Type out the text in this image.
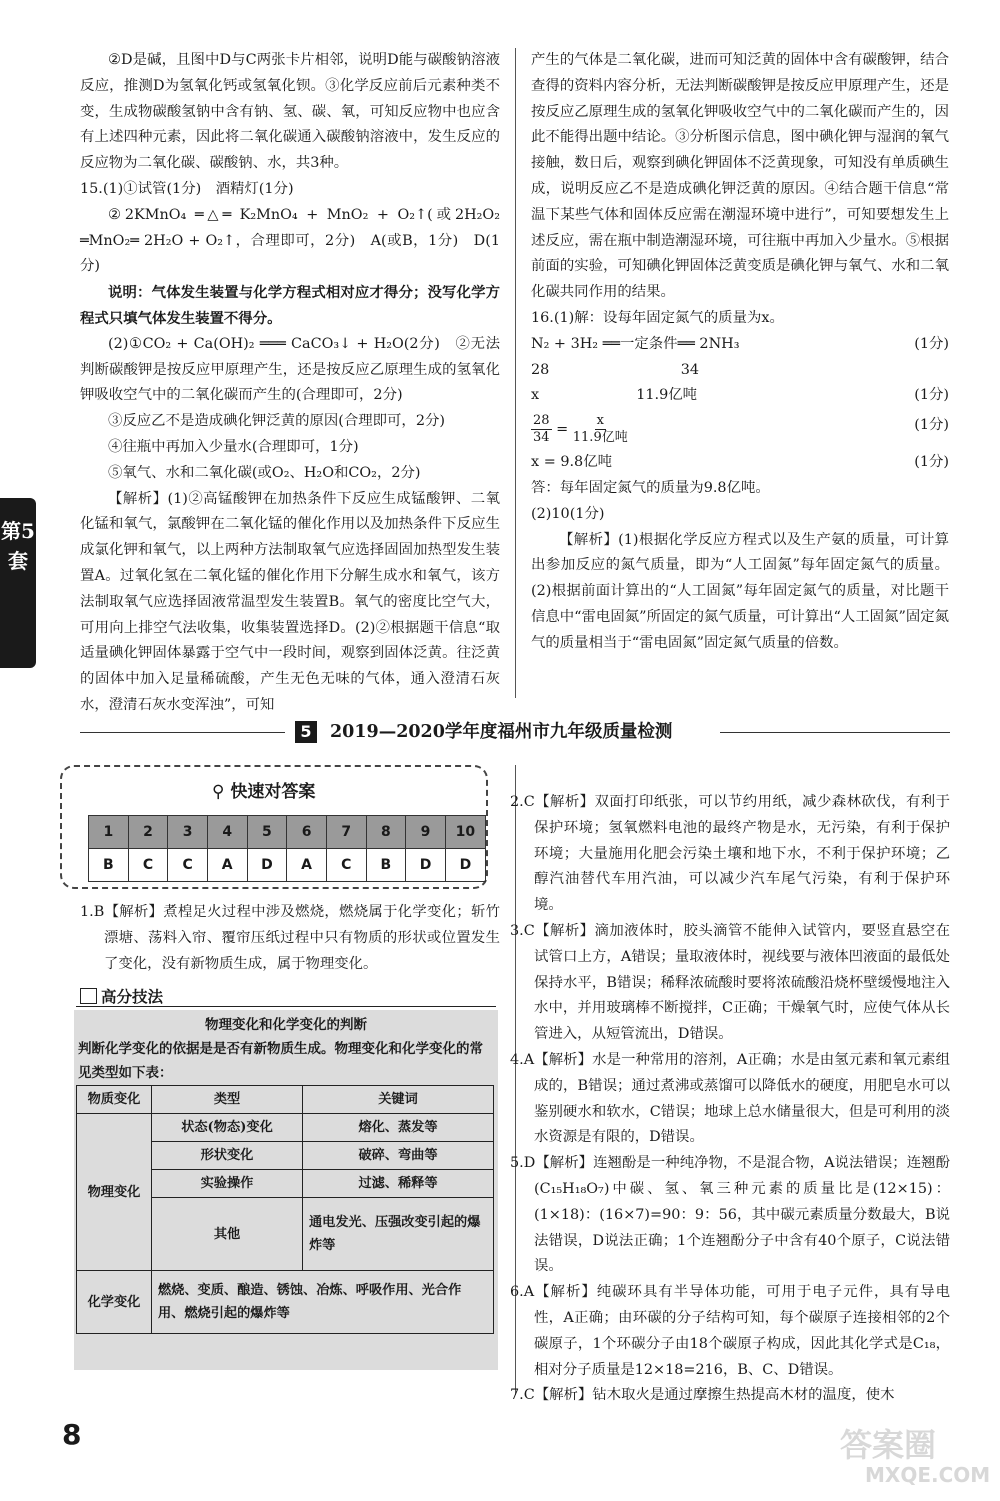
第5套

②D是碱，且图中D与C两张卡片相邻，说明D能与碳酸钠溶液反应，推测D为氢氧化钙或氢氧化钡。③化学反应前后元素种类不变，生成物碳酸氢钠中含有钠、氢、碳、氧，可知反应物中也应含有上述四种元素，因此将二氧化碳通入碳酸钠溶液中，发生反应的反应物为二氧化碳、碳酸钠、水，共3种。

15.(1)①试管(1分)　酒精灯(1分)

②2KMnO₄ ═△═ K₂MnO₄ + MnO₂ + O₂↑(或2H₂O₂ ═MnO₂═ 2H₂O + O₂↑，合理即可，2分)　A(或B，1分)　D(1分)

说明：气体发生装置与化学方程式相对应才得分；没写化学方程式只填气体发生装置不得分。

(2)①CO₂ + Ca(OH)₂ ═══ CaCO₃↓ + H₂O(2分)　②无法判断碳酸钾是按反应甲原理产生，还是按反应乙原理生成的氢氧化钾吸收空气中的二氧化碳而产生的(合理即可，2分)

③反应乙不是造成碘化钾泛黄的原因(合理即可，2分)

④往瓶中再加入少量水(合理即可，1分)

⑤氧气、水和二氧化碳(或O₂、H₂O和CO₂，2分)

【解析】(1)②高锰酸钾在加热条件下反应生成锰酸钾、二氧化锰和氧气，氯酸钾在二氧化锰的催化作用以及加热条件下反应生成氯化钾和氧气，以上两种方法制取氧气应选择固固加热型发生装置A。过氧化氢在二氧化锰的催化作用下分解生成水和氧气，该方法制取氧气应选择固液常温型发生装置B。氧气的密度比空气大，可用向上排空气法收集，收集装置选择D。(2)②根据题干信息“取适量碘化钾固体暴露于空气中一段时间，观察到固体泛黄。往泛黄的固体中加入足量稀硫酸，产生无色无味的气体，通入澄清石灰水，澄清石灰水变浑浊”，可知

产生的气体是二氧化碳，进而可知泛黄的固体中含有碳酸钾，结合查得的资料内容分析，无法判断碳酸钾是按反应甲原理产生，还是按反应乙原理生成的氢氧化钾吸收空气中的二氧化碳而产生的，因此不能得出题中结论。③分析图示信息，图中碘化钾与湿润的氧气接触，数日后，观察到碘化钾固体不泛黄现象，可知没有单质碘生成，说明反应乙不是造成碘化钾泛黄的原因。④结合题干信息“常温下某些气体和固体反应需在潮湿环境中进行”，可知要想发生上述反应，需在瓶中制造潮湿环境，可往瓶中再加入少量水。⑤根据前面的实验，可知碘化钾固体泛黄变质是碘化钾与氧气、水和二氧化碳共同作用的结果。

16.(1)解：设每年固定氮气的质量为x。

N₂ + 3H₂ ══一定条件══ 2NH₃	(1分)
28	34
x	11.9亿吨	(1分)
$\frac{28}{34} = \frac{x}{\text{11.9亿吨}}$	(1分)
x = 9.8亿吨	(1分)

答：每年固定氮气的质量为9.8亿吨。

(2)10(1分)

【解析】(1)根据化学反应方程式以及生产氨的质量，可计算出参加反应的氮气质量，即为“人工固氮”每年固定氮气的质量。(2)根据前面计算出的“人工固氮”每年固定氮气的质量，对比题干信息中“雷电固氮”所固定的氮气质量，可计算出“人工固氮”固定氮气的质量相当于“雷电固氮”固定氮气质量的倍数。

5	2019—2020学年度福州市九年级质量检测
⚲ 快速对答案
1	2	3	4	5	6	7	8	9	10
B	C	C	A	D	A	C	B	D	D

1.B【解析】煮楻足火过程中涉及燃烧，燃烧属于化学变化；斩竹漂塘、荡料入帘、覆帘压纸过程中只有物质的形状或位置发生了变化，没有新物质生成，属于物理变化。

高分技法
物理变化和化学变化的判断
判断化学变化的依据是是否有新物质生成。物理变化和化学变化的常见类型如下表：
物质变化	类型	关键词
物理变化	状态(物态)变化	熔化、蒸发等
	形状变化	破碎、弯曲等
	实验操作	过滤、稀释等
	其他	通电发光、压强改变引起的爆炸等
化学变化	燃烧、变质、酿造、锈蚀、冶炼、呼吸作用、光合作用、燃烧引起的爆炸等	

2.C【解析】双面打印纸张，可以节约用纸，减少森林砍伐，有利于保护环境；氢氧燃料电池的最终产物是水，无污染，有利于保护环境；大量施用化肥会污染土壤和地下水，不利于保护环境；乙醇汽油替代车用汽油，可以减少汽车尾气污染，有利于保护环境。

3.C【解析】滴加液体时，胶头滴管不能伸入试管内，要竖直悬空在试管口上方，A错误；量取液体时，视线要与液体凹液面的最低处保持水平，B错误；稀释浓硫酸时要将浓硫酸沿烧杯壁缓慢地注入水中，并用玻璃棒不断搅拌，C正确；干燥氧气时，应使气体从长管进入，从短管流出，D错误。

4.A【解析】水是一种常用的溶剂，A正确；水是由氢元素和氧元素组成的，B错误；通过煮沸或蒸馏可以降低水的硬度，用肥皂水可以鉴别硬水和软水，C错误；地球上总水储量很大，但是可利用的淡水资源是有限的，D错误。

5.D【解析】连翘酚是一种纯净物，不是混合物，A说法错误；连翘酚(C₁₅H₁₈O₇)中碳、氢、氧三种元素的质量比是(12×15)：(1×18)：(16×7)=90：9：56，其中碳元素质量分数最大，B说法错误，D说法正确；1个连翘酚分子中含有40个原子，C说法错误。

6.A【解析】纯碳环具有半导体功能，可用于电子元件，具有导电性，A正确；由环碳的分子结构可知，每个碳原子连接相邻的2个碳原子，1个环碳分子由18个碳原子构成，因此其化学式是C₁₈，相对分子质量是12×18=216，B、C、D错误。

7.C【解析】钻木取火是通过摩擦生热提高木材的温度，使木

8	答案圈
MXQE.COM
